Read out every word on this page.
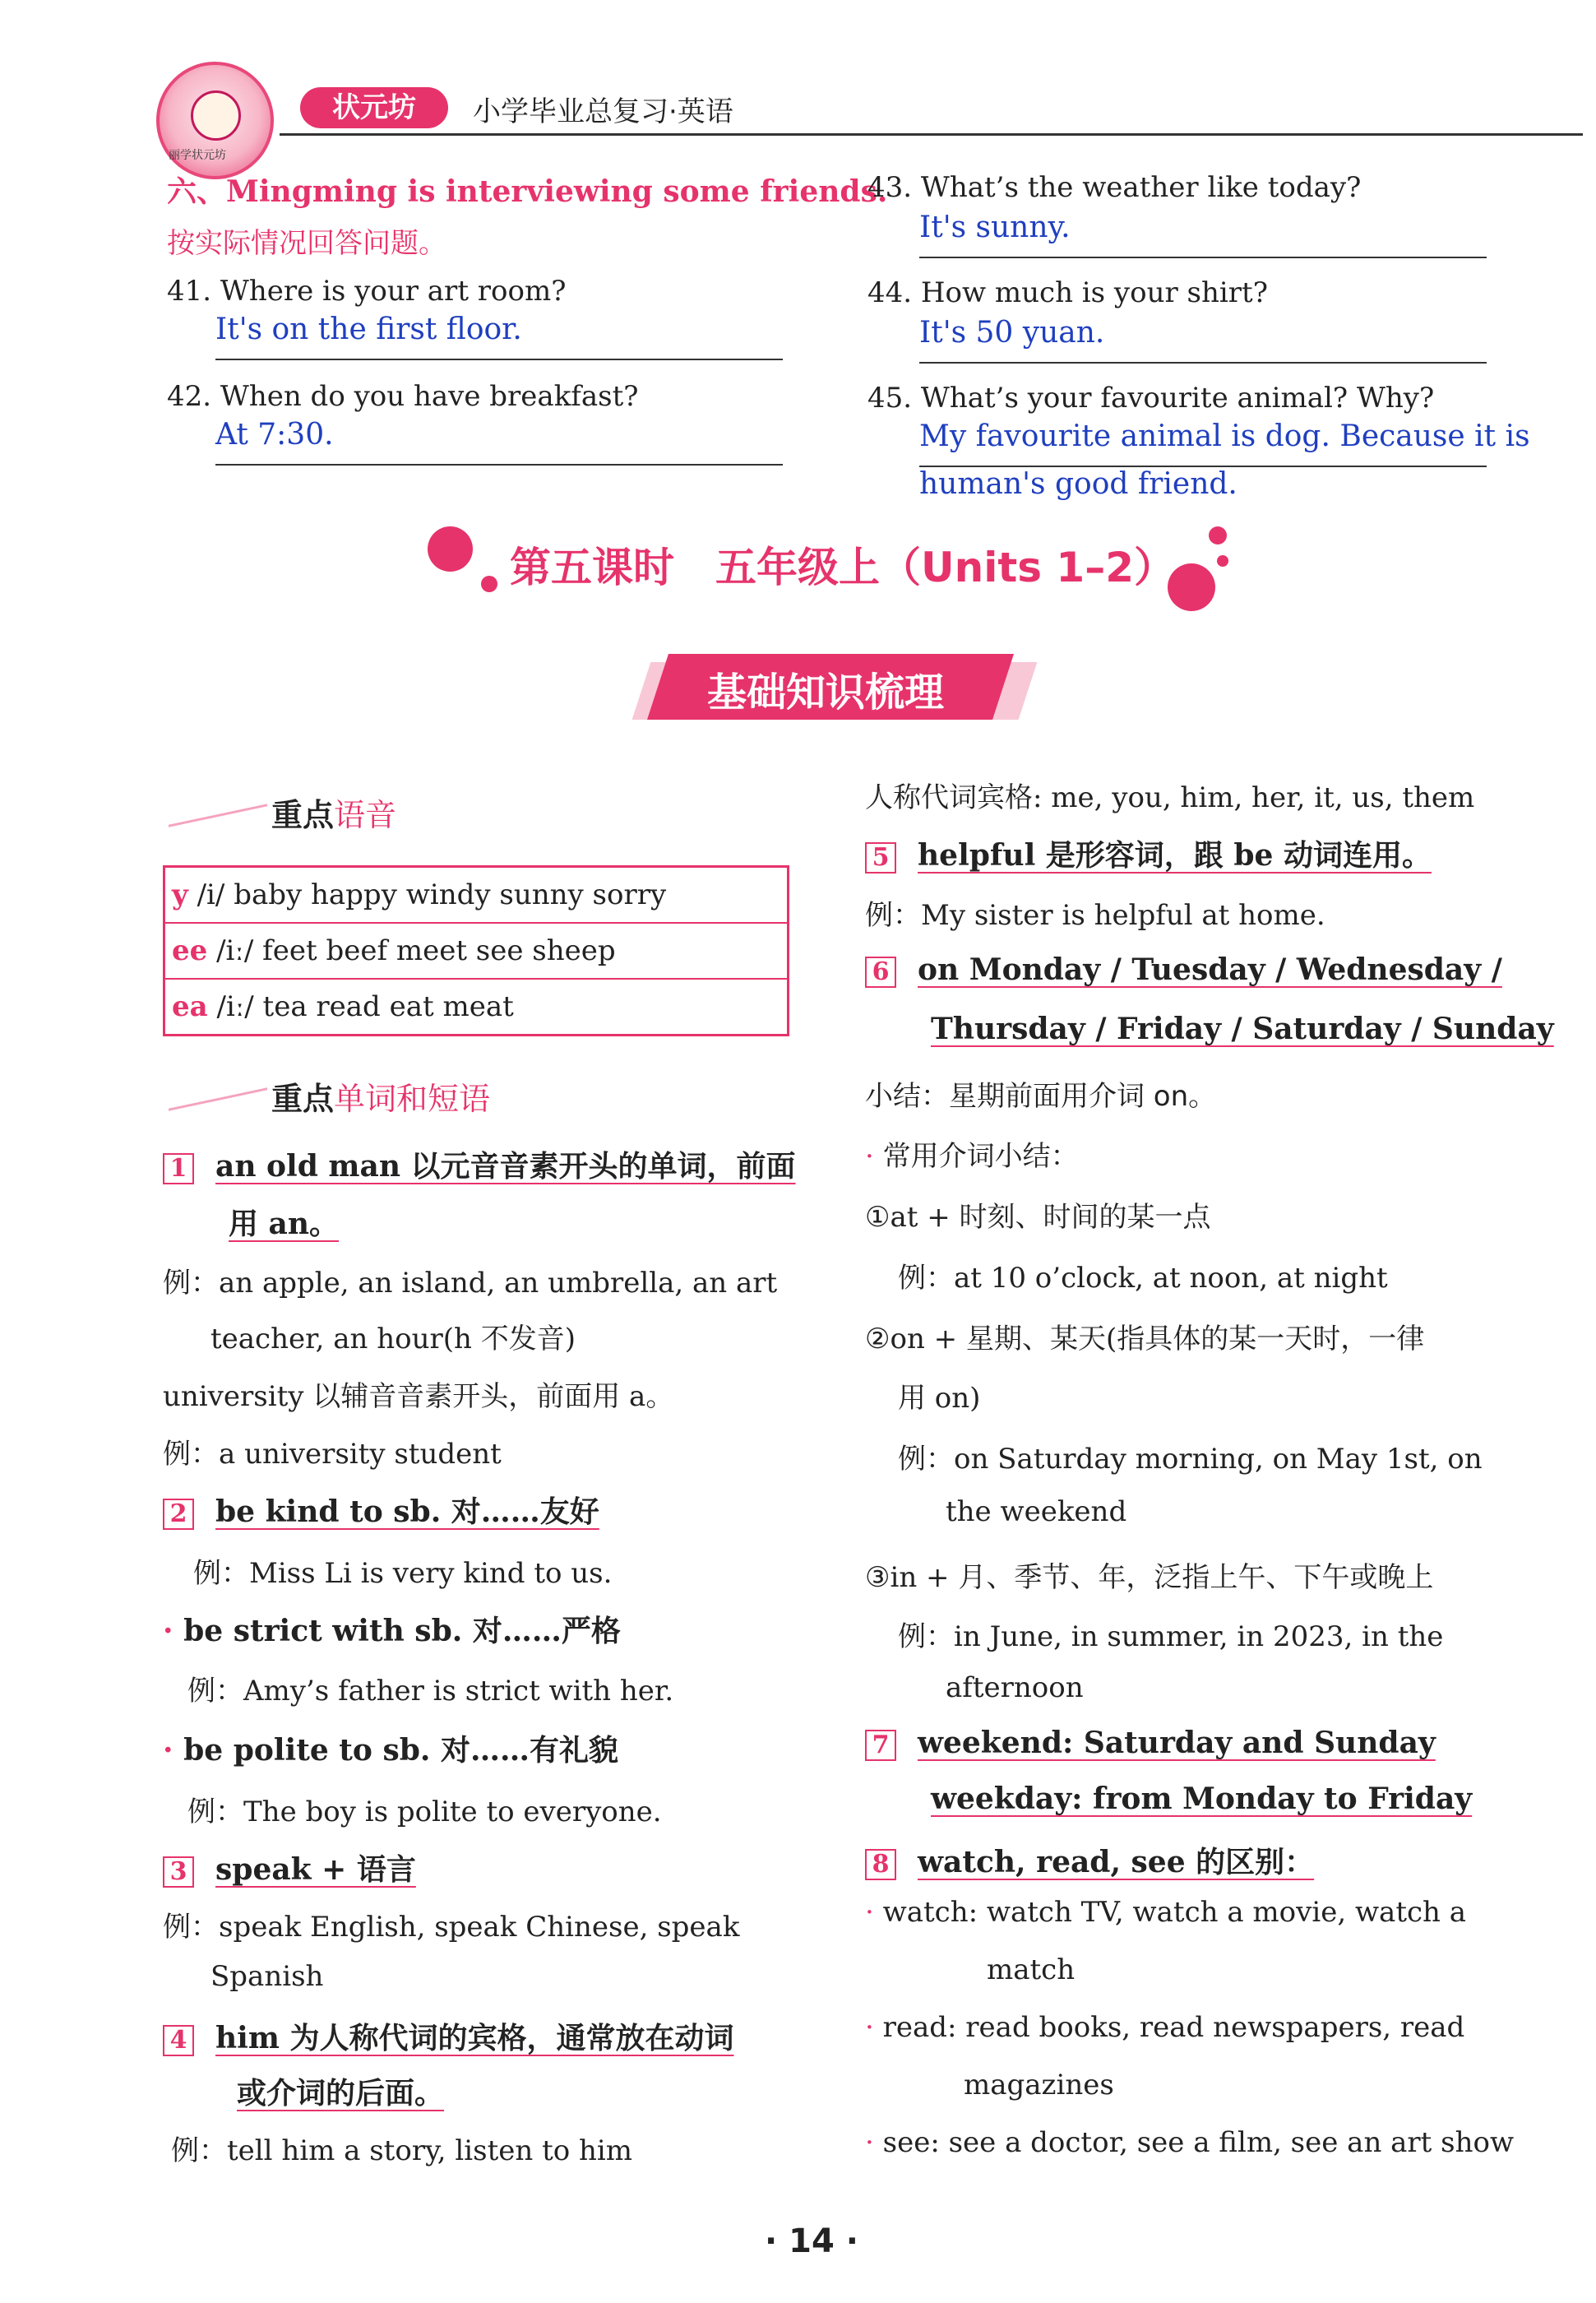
丽学状元坊
状元坊	小学毕业总复习·英语
六、Mingming is interviewing some friends.
按实际情况回答问题。
41. Where is your art room?
It's on the first floor.
42. When do you have breakfast?
At 7:30.
43. What’s the weather like today?
It's sunny.
44. How much is your shirt?
It's 50 yuan.
45. What’s your favourite animal? Why?
My favourite animal is dog. Because it is
human's good friend.
第五课时　五年级上（Units 1–2）
基础知识梳理
重点语音
y /i/ baby happy windy sunny sorry
ee /iː/ feet beef meet see sheep
ea /iː/ tea read eat meat
重点单词和短语
1 an old man 以元音音素开头的单词，前面
用 an。
例：an apple, an island, an umbrella, an art
teacher, an hour(h 不发音)
university 以辅音音素开头，前面用 a。
例：a university student
2 be kind to sb. 对……友好
例：Miss Li is very kind to us.
· be strict with sb. 对……严格
例：Amy’s father is strict with her.
· be polite to sb. 对……有礼貌
例：The boy is polite to everyone.
3 speak + 语言
例：speak English, speak Chinese, speak
Spanish
4 him 为人称代词的宾格，通常放在动词
或介词的后面。
例：tell him a story, listen to him
人称代词宾格: me, you, him, her, it, us, them
5 helpful 是形容词，跟 be 动词连用。
例：My sister is helpful at home.
6 on Monday / Tuesday / Wednesday /
Thursday / Friday / Saturday / Sunday
小结：星期前面用介词 on。
· 常用介词小结：
①at + 时刻、时间的某一点
例：at 10 o’clock, at noon, at night
②on + 星期、某天(指具体的某一天时，一律
用 on)
例：on Saturday morning, on May 1st, on
the weekend
③in + 月、季节、年，泛指上午、下午或晚上
例：in June, in summer, in 2023, in the
afternoon
7 weekend: Saturday and Sunday
weekday: from Monday to Friday
8 watch, read, see 的区别：
· watch: watch TV, watch a movie, watch a
match
· read: read books, read newspapers, read
magazines
· see: see a doctor, see a film, see an art show
· 14 ·
